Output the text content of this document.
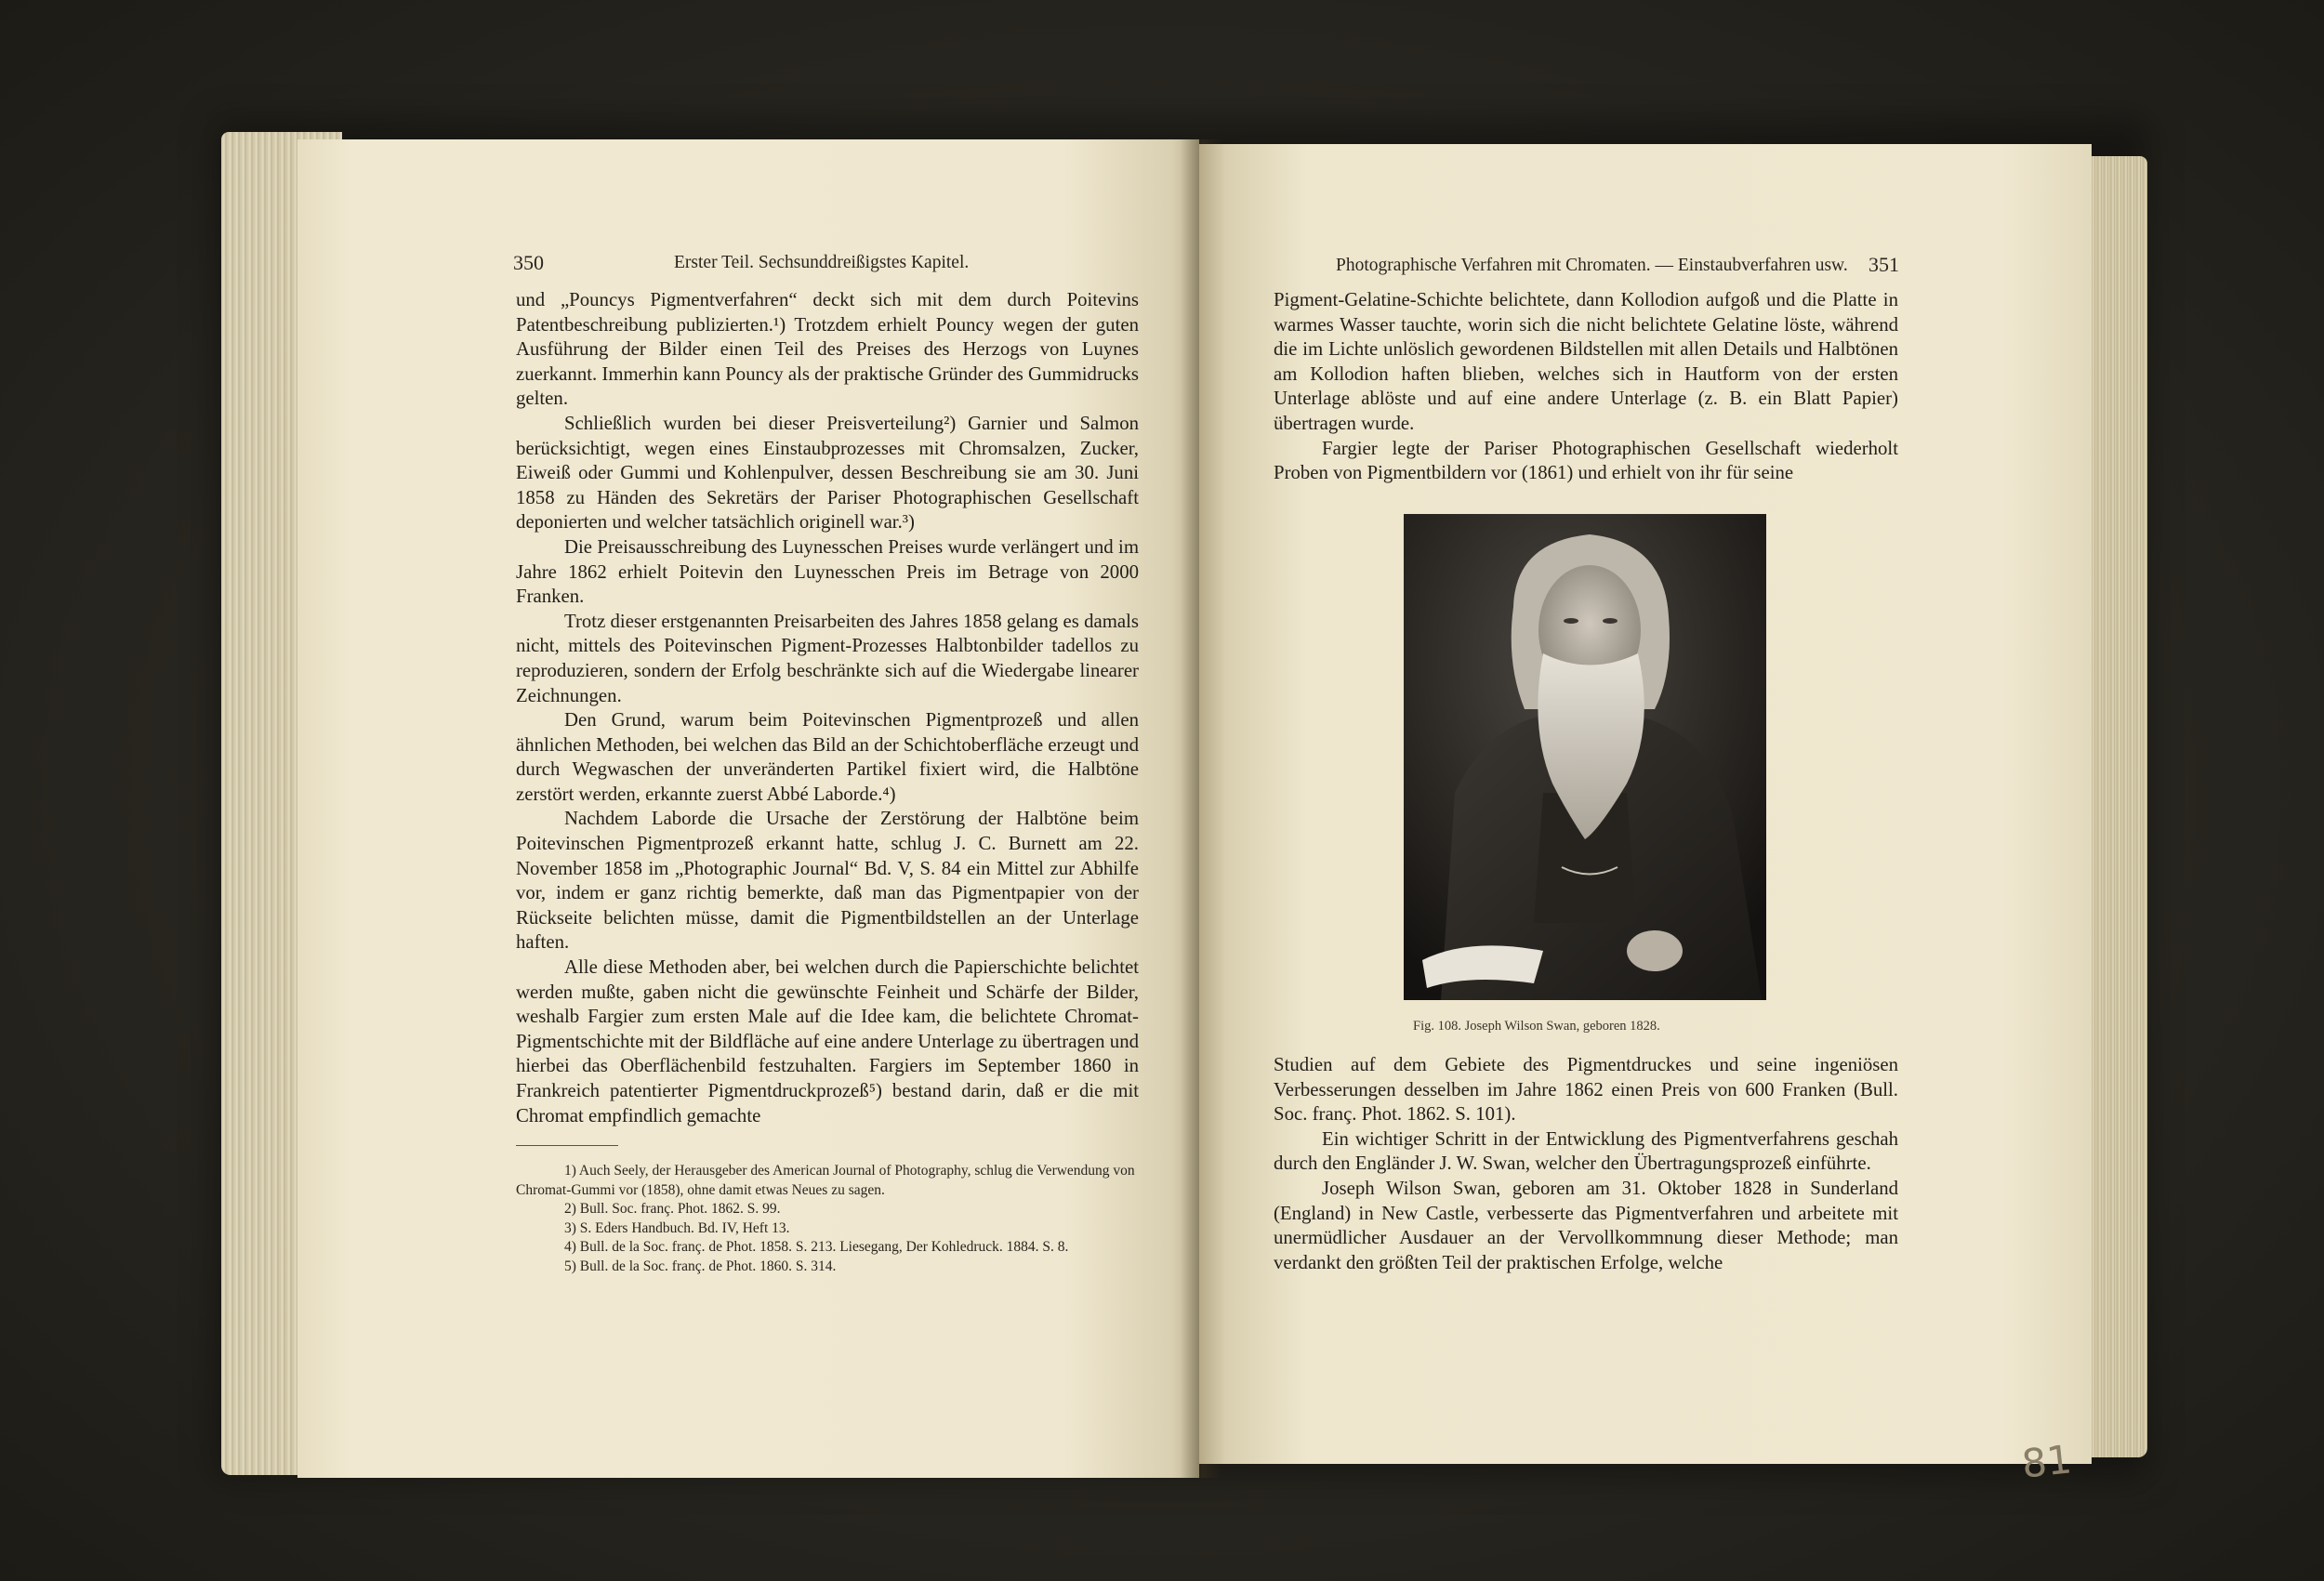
350	Erster Teil. Sechsunddreißigstes Kapitel.

und „Pouncys Pigmentverfahren“ deckt sich mit dem durch Poitevins Patentbeschreibung publizierten.¹) Trotzdem erhielt Pouncy wegen der guten Ausführung der Bilder einen Teil des Preises des Herzogs von Luynes zuerkannt. Immerhin kann Pouncy als der praktische Gründer des Gummidrucks gelten.

Schließlich wurden bei dieser Preisverteilung²) Garnier und Salmon berücksichtigt, wegen eines Einstaubprozesses mit Chromsalzen, Zucker, Eiweiß oder Gummi und Kohlenpulver, dessen Beschreibung sie am 30. Juni 1858 zu Händen des Sekretärs der Pariser Photographischen Gesellschaft deponierten und welcher tatsächlich originell war.³)

Die Preisausschreibung des Luynesschen Preises wurde verlängert und im Jahre 1862 erhielt Poitevin den Luynesschen Preis im Betrage von 2000 Franken.

Trotz dieser erstgenannten Preisarbeiten des Jahres 1858 gelang es damals nicht, mittels des Poitevinschen Pigment-Prozesses Halbtonbilder tadellos zu reproduzieren, sondern der Erfolg beschränkte sich auf die Wiedergabe linearer Zeichnungen.

Den Grund, warum beim Poitevinschen Pigmentprozeß und allen ähnlichen Methoden, bei welchen das Bild an der Schichtoberfläche erzeugt und durch Wegwaschen der unveränderten Partikel fixiert wird, die Halbtöne zerstört werden, erkannte zuerst Abbé Laborde.⁴)

Nachdem Laborde die Ursache der Zerstörung der Halbtöne beim Poitevinschen Pigmentprozeß erkannt hatte, schlug J. C. Burnett am 22. November 1858 im „Photographic Journal“ Bd. V, S. 84 ein Mittel zur Abhilfe vor, indem er ganz richtig bemerkte, daß man das Pigmentpapier von der Rückseite belichten müsse, damit die Pigmentbildstellen an der Unterlage haften.

Alle diese Methoden aber, bei welchen durch die Papierschichte belichtet werden mußte, gaben nicht die gewünschte Feinheit und Schärfe der Bilder, weshalb Fargier zum ersten Male auf die Idee kam, die belichtete Chromat-Pigmentschichte mit der Bildfläche auf eine andere Unterlage zu übertragen und hierbei das Oberflächenbild festzuhalten. Fargiers im September 1860 in Frankreich patentierter Pigmentdruckprozeß⁵) bestand darin, daß er die mit Chromat empfindlich gemachte

1) Auch Seely, der Herausgeber des American Journal of Photography, schlug die Verwendung von Chromat-Gummi vor (1858), ohne damit etwas Neues zu sagen.

2) Bull. Soc. franç. Phot. 1862. S. 99.

3) S. Eders Handbuch. Bd. IV, Heft 13.

4) Bull. de la Soc. franç. de Phot. 1858. S. 213. Liesegang, Der Kohledruck. 1884. S. 8.

5) Bull. de la Soc. franç. de Phot. 1860. S. 314.

Photographische Verfahren mit Chromaten. — Einstaubverfahren usw. 351

Pigment-Gelatine-Schichte belichtete, dann Kollodion aufgoß und die Platte in warmes Wasser tauchte, worin sich die nicht belichtete Gelatine löste, während die im Lichte unlöslich gewordenen Bildstellen mit allen Details und Halbtönen am Kollodion haften blieben, welches sich in Hautform von der ersten Unterlage ablöste und auf eine andere Unterlage (z. B. ein Blatt Papier) übertragen wurde.

Fargier legte der Pariser Photographischen Gesellschaft wiederholt Proben von Pigmentbildern vor (1861) und erhielt von ihr für seine

Fig. 108. Joseph Wilson Swan, geboren 1828.

Studien auf dem Gebiete des Pigmentdruckes und seine ingeniösen Verbesserungen desselben im Jahre 1862 einen Preis von 600 Franken (Bull. Soc. franç. Phot. 1862. S. 101).

Ein wichtiger Schritt in der Entwicklung des Pigmentverfahrens geschah durch den Engländer J. W. Swan, welcher den Übertragungsprozeß einführte.

Joseph Wilson Swan, geboren am 31. Oktober 1828 in Sunderland (England) in New Castle, verbesserte das Pigmentverfahren und arbeitete mit unermüdlicher Ausdauer an der Vervollkommnung dieser Methode; man verdankt den größten Teil der praktischen Erfolge, welche

81
